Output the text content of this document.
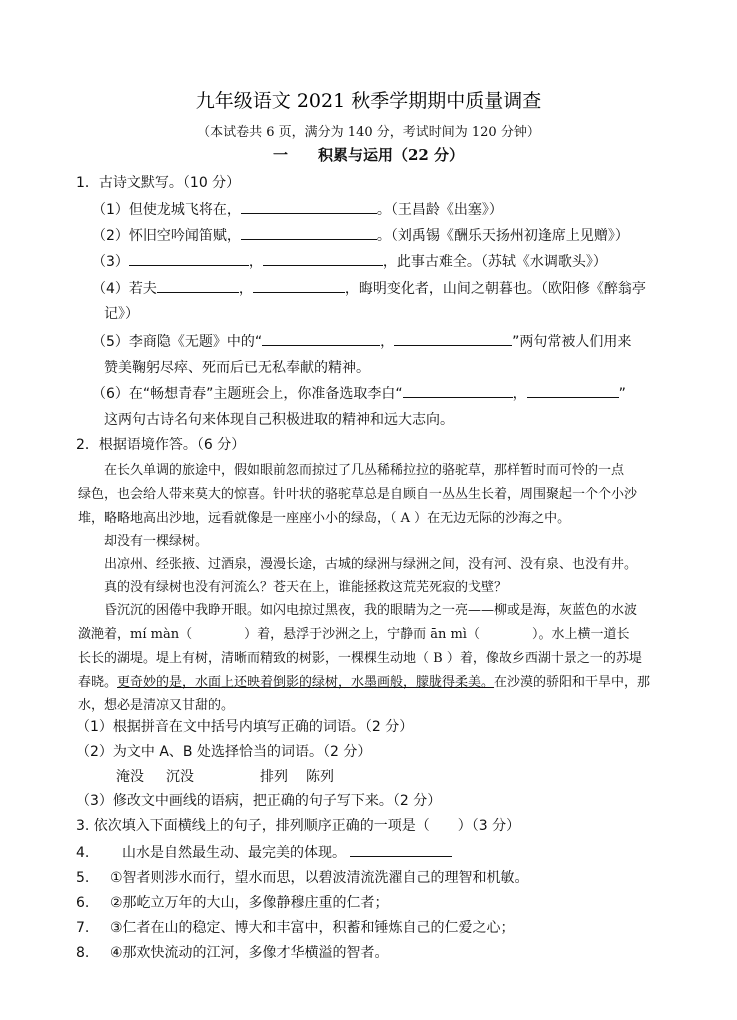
九年级语文 2021 秋季学期期中质量调查
（本试卷共 6 页，满分为 140 分，考试时间为 120 分钟）
一　　积累与运用（22 分）
1．古诗文默写。（10 分）
（1）但使龙城飞将在，	。（王昌龄《出塞》）
（2）怀旧空吟闻笛赋，	。（刘禹锡《酬乐天扬州初逢席上见赠》）
（3）	，	，此事古难全。（苏轼《水调歌头》）
（4）若夫	，	，晦明变化者，山间之朝暮也。（欧阳修《醉翁亭
记》）
（5）李商隐《无题》中的“	，	”两句常被人们用来
赞美鞠躬尽瘁、死而后已无私奉献的精神。
（6）在“畅想青春”主题班会上，你准备选取李白“	，	”
这两句古诗名句来体现自己积极进取的精神和远大志向。
2．根据语境作答。（6 分）
在长久单调的旅途中，假如眼前忽而掠过了几丛稀稀拉拉的骆驼草，那样暂时而可怜的一点
绿色，也会给人带来莫大的惊喜。针叶状的骆驼草总是自顾自一丛丛生长着，周围聚起一个个小沙
堆，略略地高出沙地，远看就像是一座座小小的绿岛，（ A ）在无边无际的沙海之中。
却没有一棵绿树。
出凉州、经张掖、过酒泉，漫漫长途，古城的绿洲与绿洲之间，没有河、没有泉、也没有井。
真的没有绿树也没有河流么？苍天在上，谁能拯救这荒芜死寂的戈壁？
昏沉沉的困倦中我睁开眼。如闪电掠过黑夜，我的眼睛为之一亮——柳或是海，灰蓝色的水波
潋滟着，mí màn（　　　　）着，悬浮于沙洲之上，宁静而 ān mì（　　　　）。水上横一道长
长长的湖堤。堤上有树，清晰而精致的树影，一棵棵生动地（ B ）着，像故乡西湖十景之一的苏堤
春晓。更奇妙的是，水面上还映着倒影的绿树，水墨画般，朦胧得柔美。在沙漠的骄阳和干旱中，那
水，想必是清凉又甘甜的。
（1）根据拼音在文中括号内填写正确的词语。（2 分）
（2）为文中 A、B 处选择恰当的词语。（2 分）
淹没 沉没	排列 陈列
（3）修改文中画线的语病，把正确的句子写下来。（2 分）
3. 依次填入下面横线上的句子，排列顺序正确的一项是（　　）（3 分）
4. 山水是自然最生动、最完美的体现。
5. ①智者则涉水而行，望水而思，以碧波清流洗濯自己的理智和机敏。
6. ②那屹立万年的大山，多像静穆庄重的仁者；
7. ③仁者在山的稳定、博大和丰富中，积蓄和锤炼自己的仁爱之心；
8. ④那欢快流动的江河，多像才华横溢的智者。
